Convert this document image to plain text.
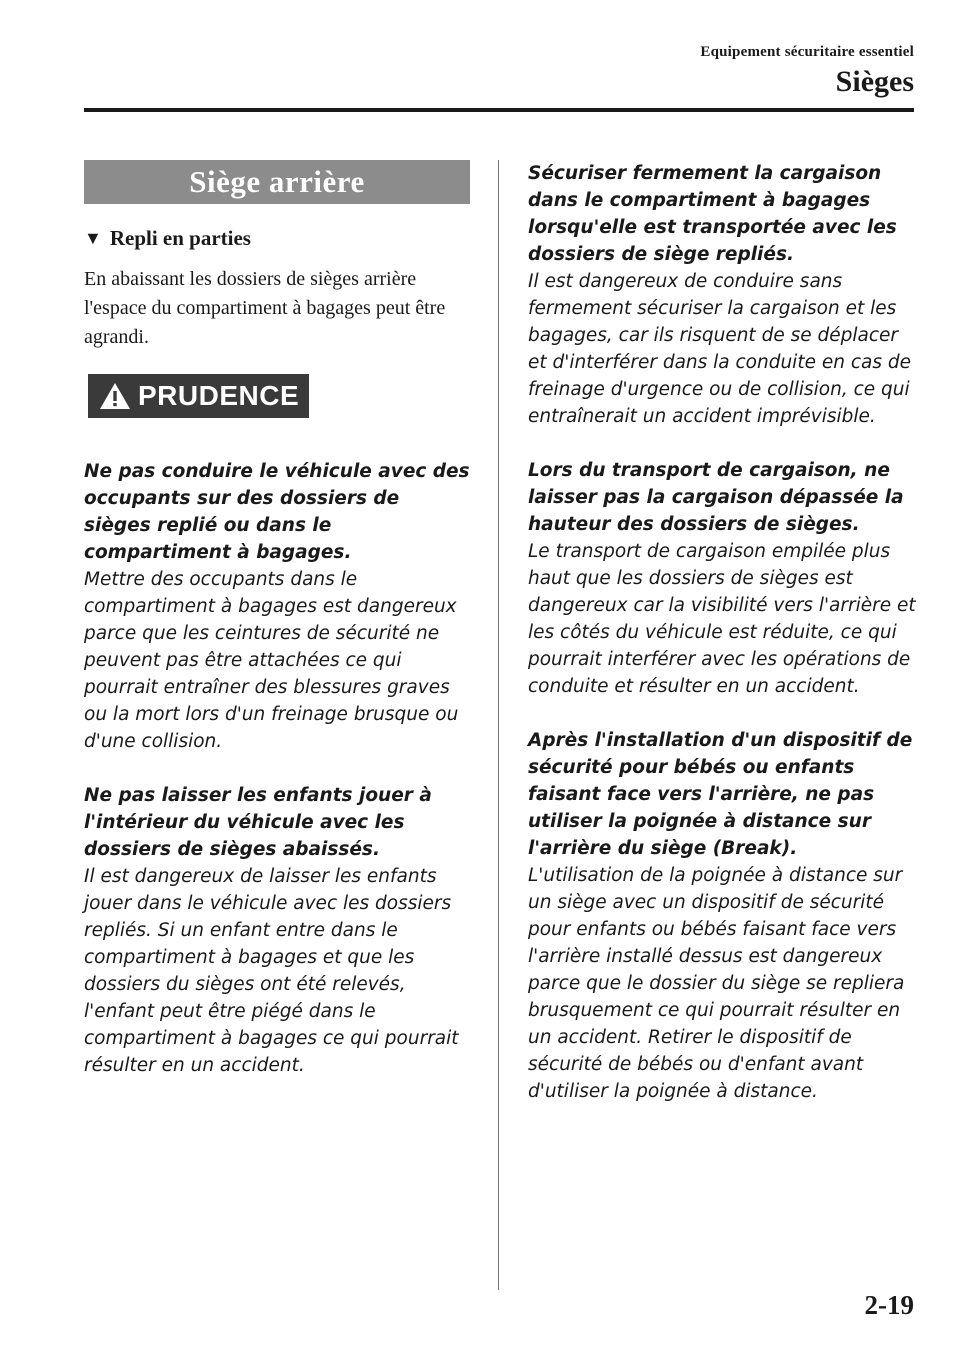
Equipement sécuritaire essentiel
Sièges
Siège arrière
▼ Repli en parties
En abaissant les dossiers de sièges arrière l'espace du compartiment à bagages peut être agrandi.
PRUDENCE
Ne pas conduire le véhicule avec des occupants sur des dossiers de sièges replié ou dans le compartiment à bagages.
Mettre des occupants dans le compartiment à bagages est dangereux parce que les ceintures de sécurité ne peuvent pas être attachées ce qui pourrait entraîner des blessures graves ou la mort lors d'un freinage brusque ou d'une collision.
Ne pas laisser les enfants jouer à l'intérieur du véhicule avec les dossiers de sièges abaissés.
Il est dangereux de laisser les enfants jouer dans le véhicule avec les dossiers repliés. Si un enfant entre dans le compartiment à bagages et que les dossiers du sièges ont été relevés, l'enfant peut être piégé dans le compartiment à bagages ce qui pourrait résulter en un accident.
Sécuriser fermement la cargaison dans le compartiment à bagages lorsqu'elle est transportée avec les dossiers de siège repliés.
Il est dangereux de conduire sans fermement sécuriser la cargaison et les bagages, car ils risquent de se déplacer et d'interférer dans la conduite en cas de freinage d'urgence ou de collision, ce qui entraînerait un accident imprévisible.
Lors du transport de cargaison, ne laisser pas la cargaison dépassée la hauteur des dossiers de sièges.
Le transport de cargaison empilée plus haut que les dossiers de sièges est dangereux car la visibilité vers l'arrière et les côtés du véhicule est réduite, ce qui pourrait interférer avec les opérations de conduite et résulter en un accident.
Après l'installation d'un dispositif de sécurité pour bébés ou enfants faisant face vers l'arrière, ne pas utiliser la poignée à distance sur l'arrière du siège (Break).
L'utilisation de la poignée à distance sur un siège avec un dispositif de sécurité pour enfants ou bébés faisant face vers l'arrière installé dessus est dangereux parce que le dossier du siège se repliera brusquement ce qui pourrait résulter en un accident. Retirer le dispositif de sécurité de bébés ou d'enfant avant d'utiliser la poignée à distance.
2-19
